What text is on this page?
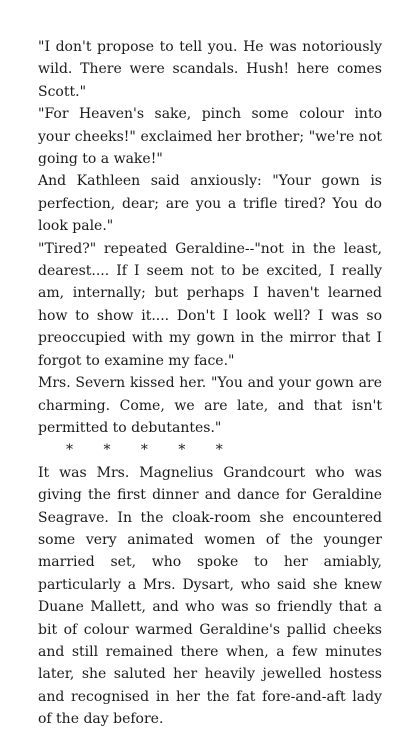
"I don't propose to tell you. He was notoriously wild. There were scandals. Hush! here comes Scott."

"For Heaven's sake, pinch some colour into your cheeks!" exclaimed her brother; "we're not going to a wake!"

And Kathleen said anxiously: "Your gown is perfection, dear; are you a trifle tired? You do look pale."

"Tired?" repeated Geraldine--"not in the least, dearest.... If I seem not to be excited, I really am, internally; but perhaps I haven't learned how to show it.... Don't I look well? I was so preoccupied with my gown in the mirror that I forgot to examine my face."

Mrs. Severn kissed her. "You and your gown are charming. Come, we are late, and that isn't permitted to debutantes."

* * * * *

It was Mrs. Magnelius Grandcourt who was giving the first dinner and dance for Geraldine Seagrave. In the cloak-room she encountered some very animated women of the younger married set, who spoke to her amiably, particularly a Mrs. Dysart, who said she knew Duane Mallett, and who was so friendly that a bit of colour warmed Geraldine's pallid cheeks and still remained there when, a few minutes later, she saluted her heavily jewelled hostess and recognised in her the fat fore-and-aft lady of the day before.
